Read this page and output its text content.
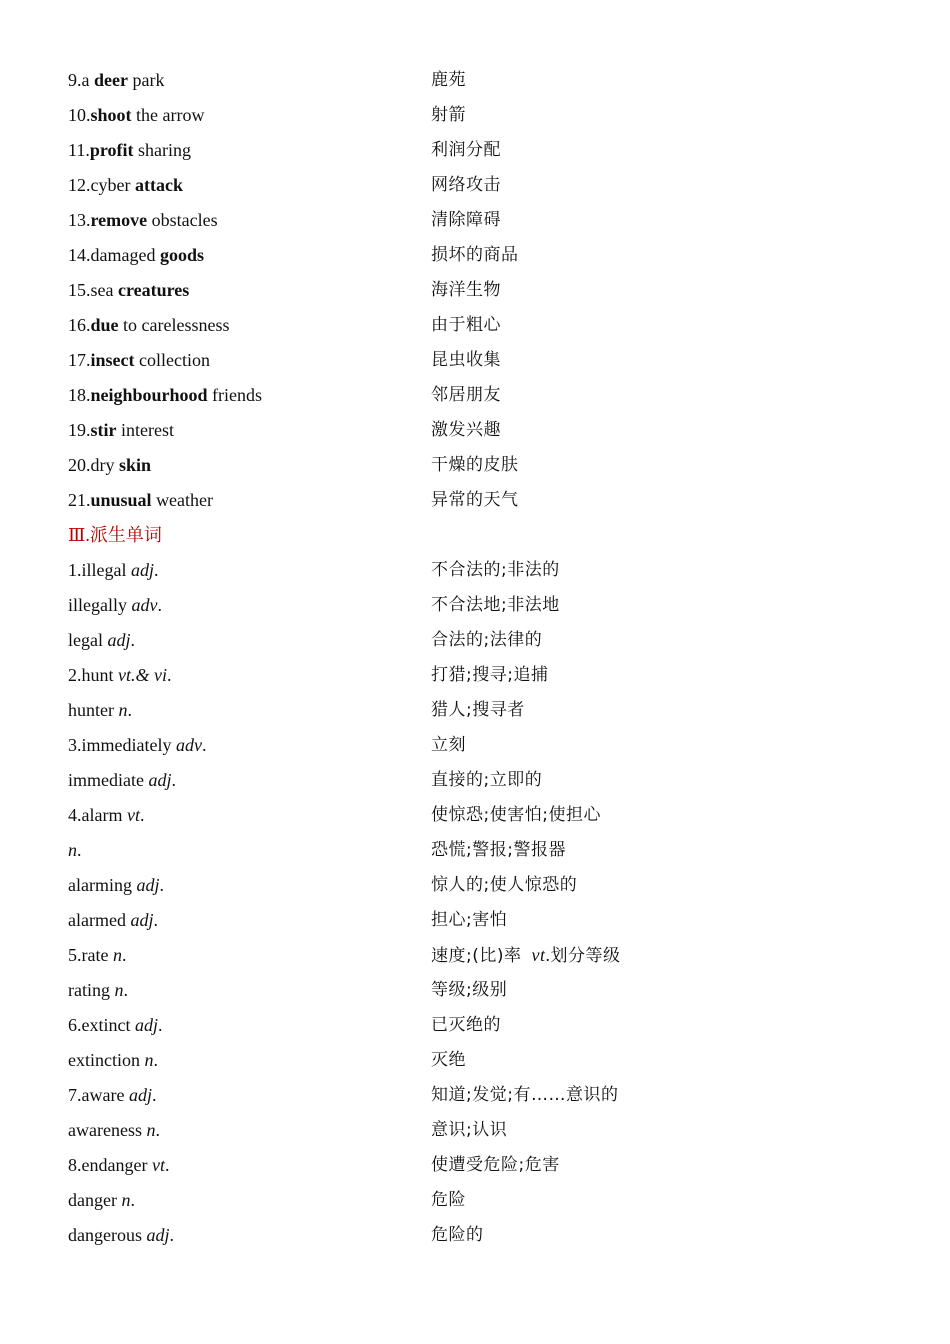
9.a deer park	鹿苑
10.shoot the arrow	射箭
11.profit sharing	利润分配
12.cyber attack	网络攻击
13.remove obstacles	清除障碍
14.damaged goods	损坏的商品
15.sea creatures	海洋生物
16.due to carelessness	由于粗心
17.insect collection	昆虫收集
18.neighbourhood friends	邻居朋友
19.stir interest	激发兴趣
20.dry skin	干燥的皮肤
21.unusual weather	异常的天气
Ⅲ.派生单词
1.illegal adj.	不合法的;非法的
illegally adv.	不合法地;非法地
legal adj.	合法的;法律的
2.hunt vt.& vi.	打猎;搜寻;追捕
hunter n.	猎人;搜寻者
3.immediately adv.	立刻
immediate adj.	直接的;立即的
4.alarm vt.	使惊恐;使害怕;使担心
n.	恐慌;警报;警报器
alarming adj.	惊人的;使人惊恐的
alarmed adj.	担心;害怕
5.rate n.	速度;(比)率 vt.划分等级
rating n.	等级;级别
6.extinct adj.	已灭绝的
extinction n.	灭绝
7.aware adj.	知道;发觉;有……意识的
awareness n.	意识;认识
8.endanger vt.	使遭受危险;危害
danger n.	危险
dangerous adj.	危险的
